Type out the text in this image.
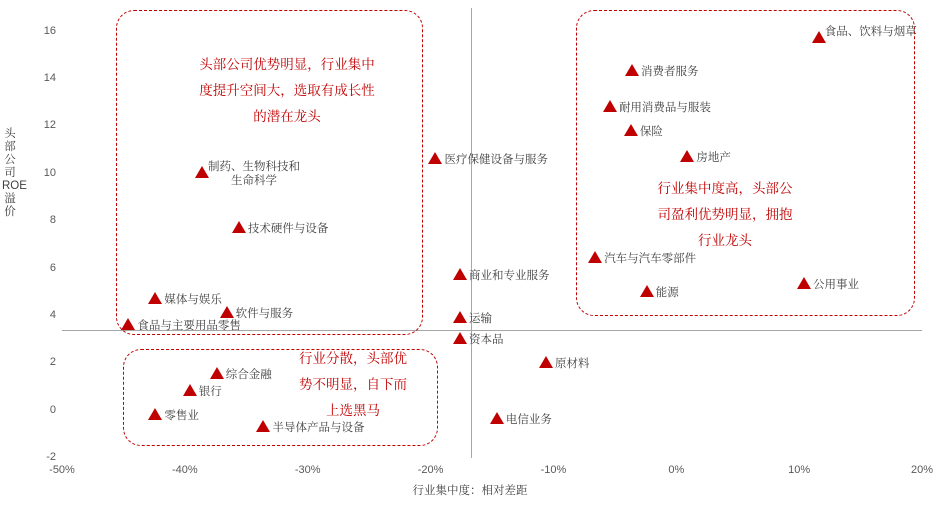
头部公司ROE溢价
行业集中度：相对差距
-2
0
2
4
6
8
10
12
14
16
-50%	-40%	-30%	-20%	-10%	0%	10%	20%
食品、饮料与烟草
消费者服务
耐用消费品与服装
保险
房地产
医疗保健设备与服务
制药、生物科技和生命科学
技术硬件与设备
汽车与汽车零部件
商业和专业服务
公用事业
能源
媒体与娱乐
软件与服务	运输
食品与主要用品零售
资本品
原材料
综合金融
银行
零售业	电信业务
半导体产品与设备
头部公司优势明显，行业集中
度提升空间大，选取有成长性
的潜在龙头
行业集中度高，头部公
司盈利优势明显，拥抱
行业龙头
行业分散，头部优
势不明显，自下而
上选黑马
